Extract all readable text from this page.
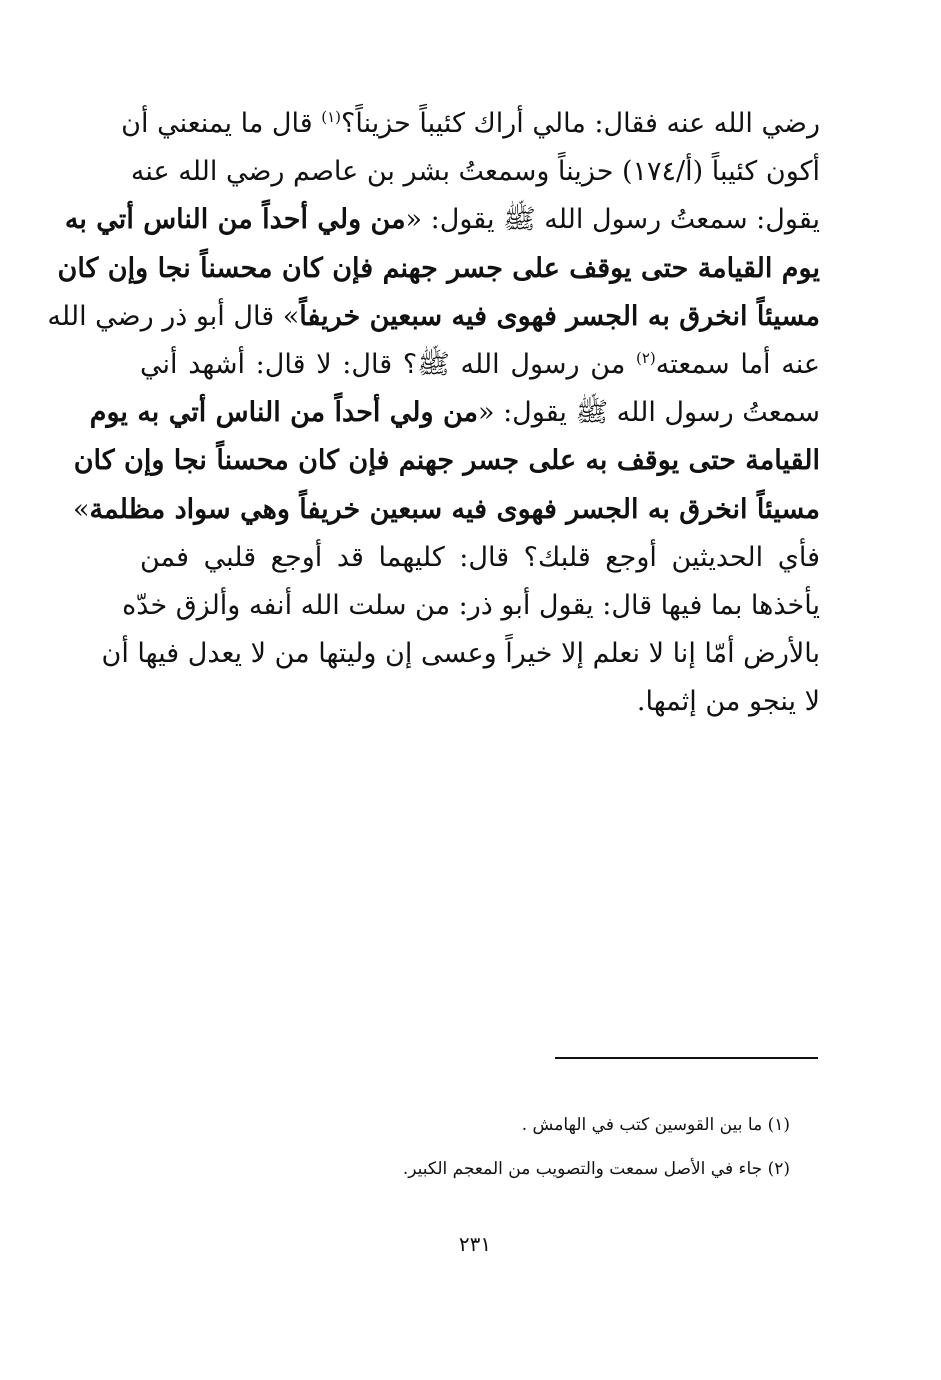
رضي الله عنه فقال: مالي أراك كئيباً حزيناً؟$^{(١)}$ قال ما يمنعني أن
أكون كئيباً (أ/١٧٤) حزيناً وسمعتُ بشر بن عاصم رضي الله عنه
يقول: سمعتُ رسول الله ﷺ يقول: «من ولي أحداً من الناس أتي به
يوم القيامة حتى يوقف على جسر جهنم فإن كان محسناً نجا وإن كان
مسيئاً انخرق به الجسر فهوى فيه سبعين خريفاً» قال أبو ذر رضي الله
عنه أما سمعته$^{(٢)}$ من رسول الله ﷺ؟ قال: لا قال: أشهد أني
سمعتُ رسول الله ﷺ يقول: «من ولي أحداً من الناس أتي به يوم
القيامة حتى يوقف به على جسر جهنم فإن كان محسناً نجا وإن كان
مسيئاً انخرق به الجسر فهوى فيه سبعين خريفاً وهي سواد مظلمة»
فأي الحديثين أوجع قلبك؟ قال: كليهما قد أوجع قلبي فمن
يأخذها بما فيها قال: يقول أبو ذر: من سلت الله أنفه وألزق خدّه
بالأرض أمّا إنا لا نعلم إلا خيراً وعسى إن وليتها من لا يعدل فيها أن
لا ينجو من إثمها.
(١) ما بين القوسين كتب في الهامش .
(٢) جاء في الأصل سمعت والتصويب من المعجم الكبير.
٢٣١
